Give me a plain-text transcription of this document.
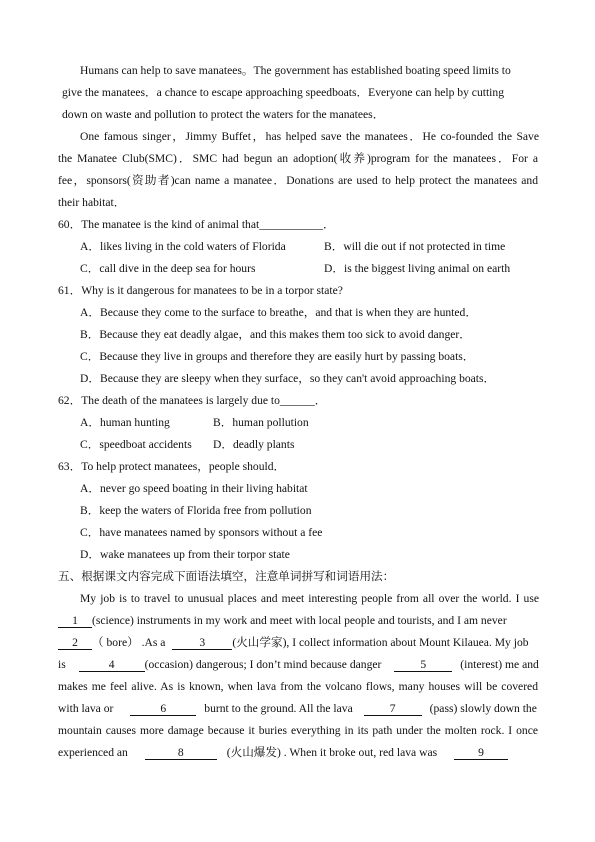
Humans can help to save manatees。The government has established boating speed limits to
give the manatees．a chance to escape approaching speedboats．Everyone can help by cutting
down on waste and pollution to protect the waters for the manatees．
One famous singer，Jimmy Buffet，has helped save the manatees．He co-founded the Save
the Manatee Club(SMC)．SMC had begun an adoption(收养)program for the manatees．For a
fee，sponsors(资助者)can name a manatee．Donations are used to help protect the manatees and
their habitat．
60．The manatee is the kind of animal that___________．
A．likes living in the cold waters of Florida	B．will die out if not protected in time
C．call dive in the deep sea for hours	D．is the biggest living animal on earth
61．Why is it dangerous for manatees to be in a torpor state?
A．Because they come to the surface to breathe，and that is when they are hunted．
B．Because they eat deadly algae，and this makes them too sick to avoid danger．
C．Because they live in groups and therefore they are easily hurt by passing boats．
D．Because they are sleepy when they surface，so they can't avoid approaching boats．
62．The death of the manatees is largely due to______．
A．human hunting	B．human pollution
C．speedboat accidents D．deadly plants
63．To help protect manatees，people should．
A．never go speed boating in their living habitat
B．keep the waters of Florida free from pollution
C．have manatees named by sponsors without a fee
D．wake manatees up from their torpor state
五、根据课文内容完成下面语法填空，注意单词拼写和词语用法：
My job is to travel to unusual places and meet interesting people from all over the world. I use
1 (science) instruments in my work and meet with local people and tourists, and I am never
2 （ bore） .As a	3 (火山学家), I collect information about Mount Kilauea. My job
is	4	(occasion) dangerous; I don’t mind because danger	5	(interest) me and
makes me feel alive. As is known, when lava from the volcano flows, many houses will be covered
with lava or	6	burnt to the ground. All the lava	7	(pass) slowly down the
mountain causes more damage because it buries everything in its path under the molten rock. I once
experienced an	8	(火山爆发) . When it broke out, red lava was	9
